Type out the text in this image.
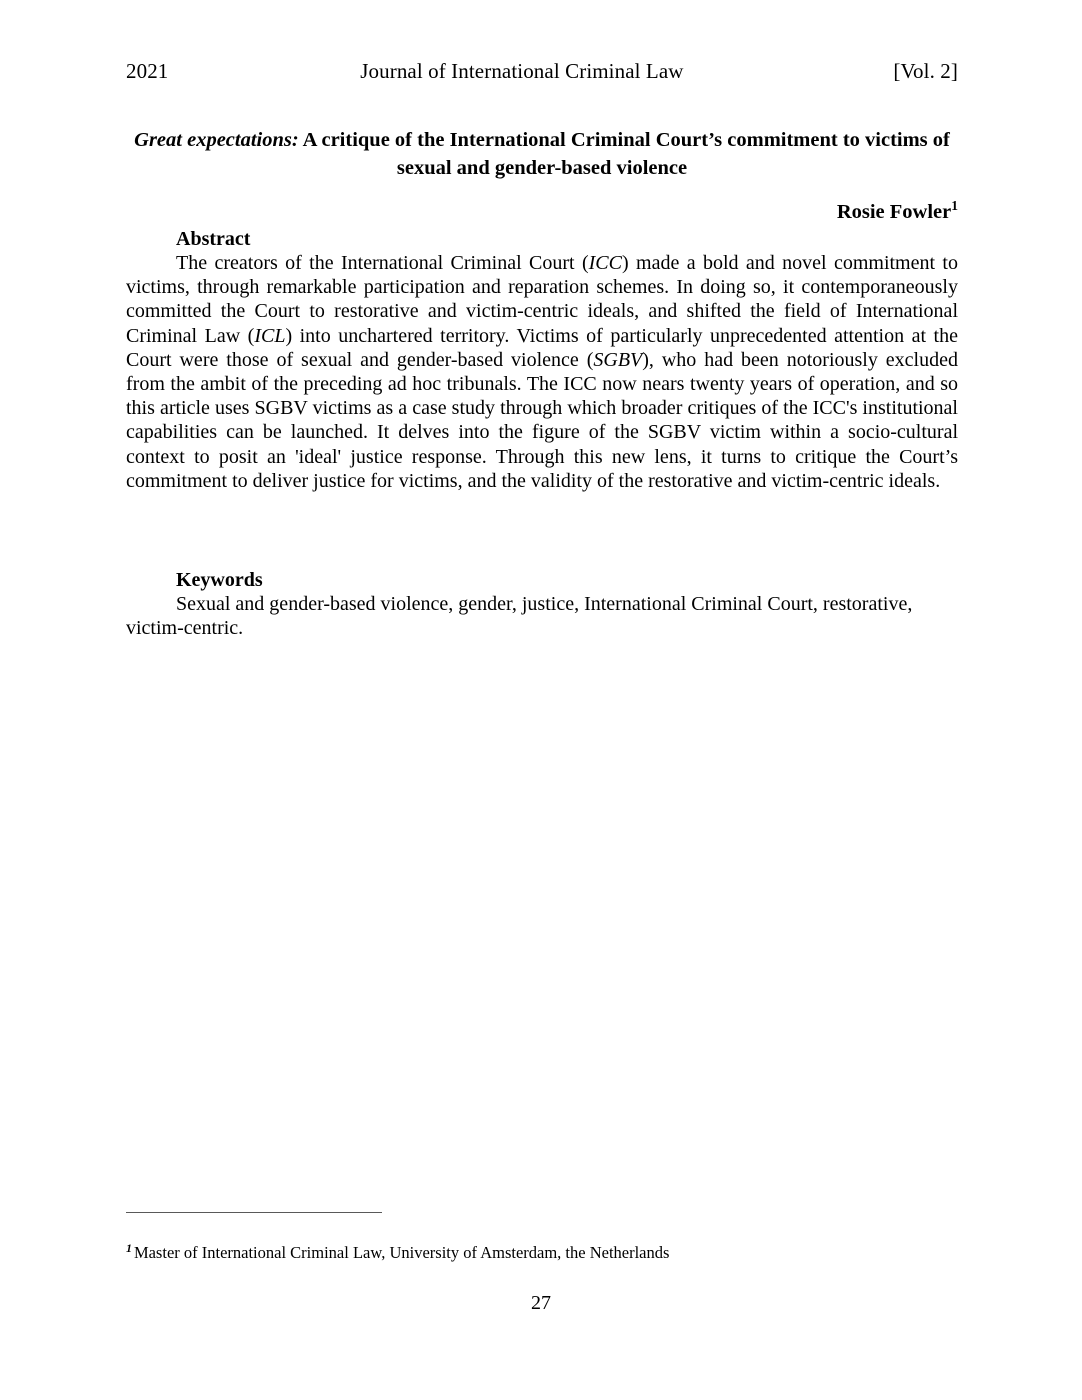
2021	Journal of International Criminal Law	[Vol. 2]
Great expectations: A critique of the International Criminal Court’s commitment to victims of sexual and gender-based violence
Rosie Fowler$^1$
Abstract

The creators of the International Criminal Court (ICC) made a bold and novel commitment to victims, through remarkable participation and reparation schemes. In doing so, it contemporaneously committed the Court to restorative and victim-centric ideals, and shifted the field of International Criminal Law (ICL) into unchartered territory. Victims of particularly unprecedented attention at the Court were those of sexual and gender-based violence (SGBV), who had been notoriously excluded from the ambit of the preceding ad hoc tribunals. The ICC now nears twenty years of operation, and so this article uses SGBV victims as a case study through which broader critiques of the ICC's institutional capabilities can be launched. It delves into the figure of the SGBV victim within a socio-cultural context to posit an 'ideal' justice response. Through this new lens, it turns to critique the Court’s commitment to deliver justice for victims, and the validity of the restorative and victim-centric ideals.

Keywords

Sexual and gender-based violence, gender, justice, International Criminal Court, restorative, victim-centric.

$^1$ Master of International Criminal Law, University of Amsterdam, the Netherlands

27
